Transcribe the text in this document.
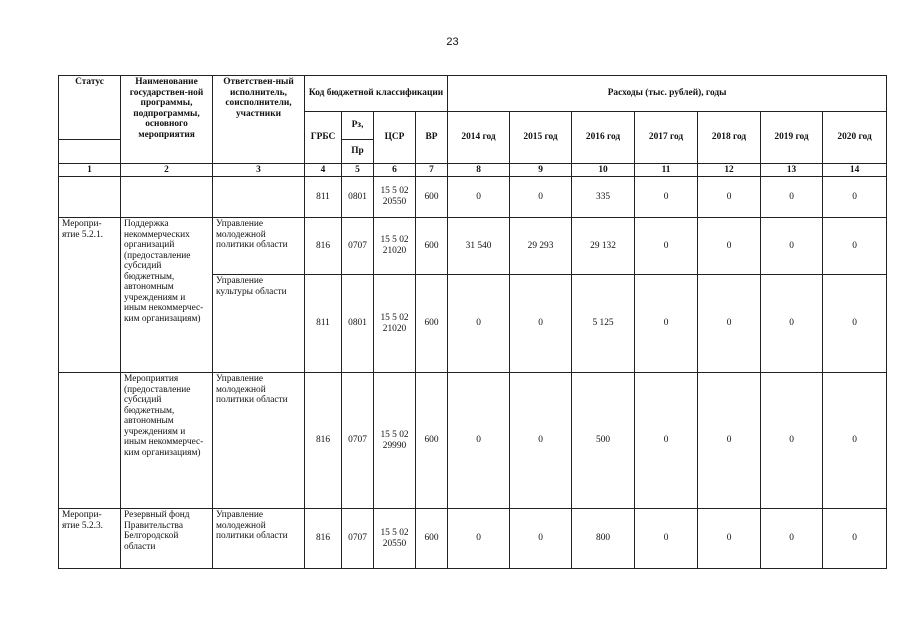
23
Статус	Наименование государствен-ной программы, подпрограммы, основного мероприятия	Ответствен-ный исполнитель, соисполнители, участники	Код бюджетной классификации				Расходы (тыс. рублей), годы						
			ГРБС	Рз,	ЦСР	ВР	2014 год	2015 год	2016 год	2017 год	2018 год	2019 год	2020 год
				Пр									
1	2	3	4	5	6	7	8	9	10	11	12	13	14
			811	0801	15 5 02 20550	600	0	0	335	0	0	0	0
Меропри-ятие 5.2.1.	Поддержка некоммерческих организаций (предоставление субсидий бюджетным, автономным учреждениям и иным некоммерчес-ким организациям)	Управление молодежной политики области	816	0707	15 5 02 21020	600	31 540	29 293	29 132	0	0	0	0
		Управление культуры области	811	0801	15 5 02 21020	600	0	0	5 125	0	0	0	0
	Мероприятия (предоставление субсидий бюджетным, автономным учреждениям и иным некоммерчес-ким организациям)	Управление молодежной политики области	816	0707	15 5 02 29990	600	0	0	500	0	0	0	0
Меропри-ятие 5.2.3.	Резервный фонд Правительства Белгородской области	Управление молодежной политики области	816	0707	15 5 02 20550	600	0	0	800	0	0	0	0
